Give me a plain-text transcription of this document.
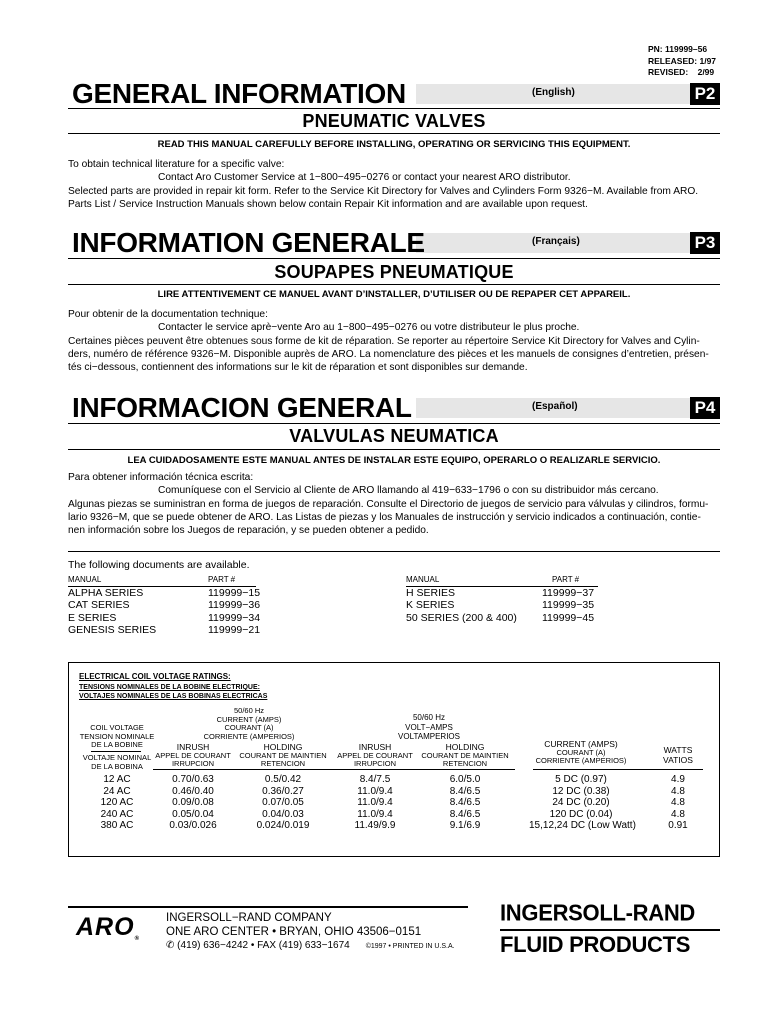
PN: 119999–56
RELEASED: 1/97
REVISED:    2/99
GENERAL INFORMATION	(English)	P2
PNEUMATIC VALVES
READ THIS MANUAL CAREFULLY BEFORE INSTALLING, OPERATING OR SERVICING THIS EQUIPMENT.
To obtain technical literature for a specific valve:
Contact Aro Customer Service at 1−800−495−0276 or contact your nearest ARO distributor.
Selected parts are provided in repair kit form. Refer to the Service Kit Directory for Valves and Cylinders Form 9326−M. Available from ARO.
Parts List / Service Instruction Manuals shown below contain Repair Kit information and are available upon request.
INFORMATION GENERALE	(Français)	P3
SOUPAPES PNEUMATIQUE
LIRE ATTENTIVEMENT CE MANUEL AVANT D’INSTALLER, D’UTILISER OU DE REPAPER CET APPAREIL.
Pour obtenir de la documentation technique:
Contacter le service aprè−vente Aro au 1−800−495−0276 ou votre distributeur le plus proche.
Certaines pièces peuvent être obtenues sous forme de kit de réparation. Se reporter au répertoire Service Kit Directory for Valves and Cylin-
ders, numéro de référence 9326−M. Disponible auprès de ARO. La nomenclature des pièces et les manuels de consignes d’entretien, présen-
tés ci−dessous, contiennent des informations sur le kit de réparation et sont disponibles sur demande.
INFORMACION GENERAL	(Español)	P4
VALVULAS NEUMATICA
LEA CUIDADOSAMENTE ESTE MANUAL ANTES DE INSTALAR ESTE EQUIPO, OPERARLO O REALIZARLE SERVICIO.
Para obtener información técnica escrita:
Comuníquese con el Servicio al Cliente de ARO llamando al 419−633−1796 o con su distribuidor más cercano.
Algunas piezas se suministran en forma de juegos de reparación. Consulte el Directorio de juegos de servicio para válvulas y cilindros, formu-
lario 9326−M, que se puede obtener de ARO. Las Listas de piezas y los Manuales de instrucción y servicio indicados a continuación, contie-
nen información sobre los Juegos de reparación, y se pueden obtener a pedido.
The following documents are available.
MANUAL	PART #
ALPHA SERIES	119999−15
CAT SERIES	119999−36
E SERIES	119999−34
GENESIS SERIES	119999−21
MANUAL	PART #
H SERIES	119999−37
K SERIES	119999−35
50 SERIES (200 & 400)	119999−45
ELECTRICAL COIL VOLTAGE RATINGS:
TENSIONS NOMINALES DE LA BOBINE ELECTRIQUE:
VOLTAJES NOMINALES DE LAS BOBINAS ELECTRICAS
COIL VOLTAGE
TENSION NOMINALE
DE LA BOBINE
VOLTAJE NOMINAL
DE LA BOBINA
50/60 Hz
CURRENT (AMPS)
COURANT (A)
CORRIENTE (AMPERIOS)
INRUSH
APPEL DE COURANT
IRRUPCION
HOLDING
COURANT DE MAINTIEN
RETENCION
50/60 Hz
VOLT−AMPS
VOLTAMPERIOS
INRUSH
APPEL DE COURANT
IRRUPCION
HOLDING
COURANT DE MAINTIEN
RETENCION
CURRENT (AMPS)
COURANT (A)
CORRIENTE (AMPERIOS)
WATTS
VATIOS
12 AC	0.70/0.63	0.5/0.42	8.4/7.5	6.0/5.0	5 DC (0.97)	4.9
24 AC	0.46/0.40	0.36/0.27	11.0/9.4	8.4/6.5	12 DC (0.38)	4.8
120 AC	0.09/0.08	0.07/0.05	11.0/9.4	8.4/6.5	24 DC (0.20)	4.8
240 AC	0.05/0.04	0.04/0.03	11.0/9.4	8.4/6.5	120 DC (0.04)	4.8
380 AC	0.03/0.026	0.024/0.019	11.49/9.9	9.1/6.9	15,12,24 DC (Low Watt)	0.91
ARO®
INGERSOLL−RAND COMPANY
ONE ARO CENTER • BRYAN, OHIO 43506−0151
✆ (419) 636−4242 • FAX (419) 633−1674 ©1997 • PRINTED IN U.S.A.
INGERSOLL-RAND
FLUID PRODUCTS
